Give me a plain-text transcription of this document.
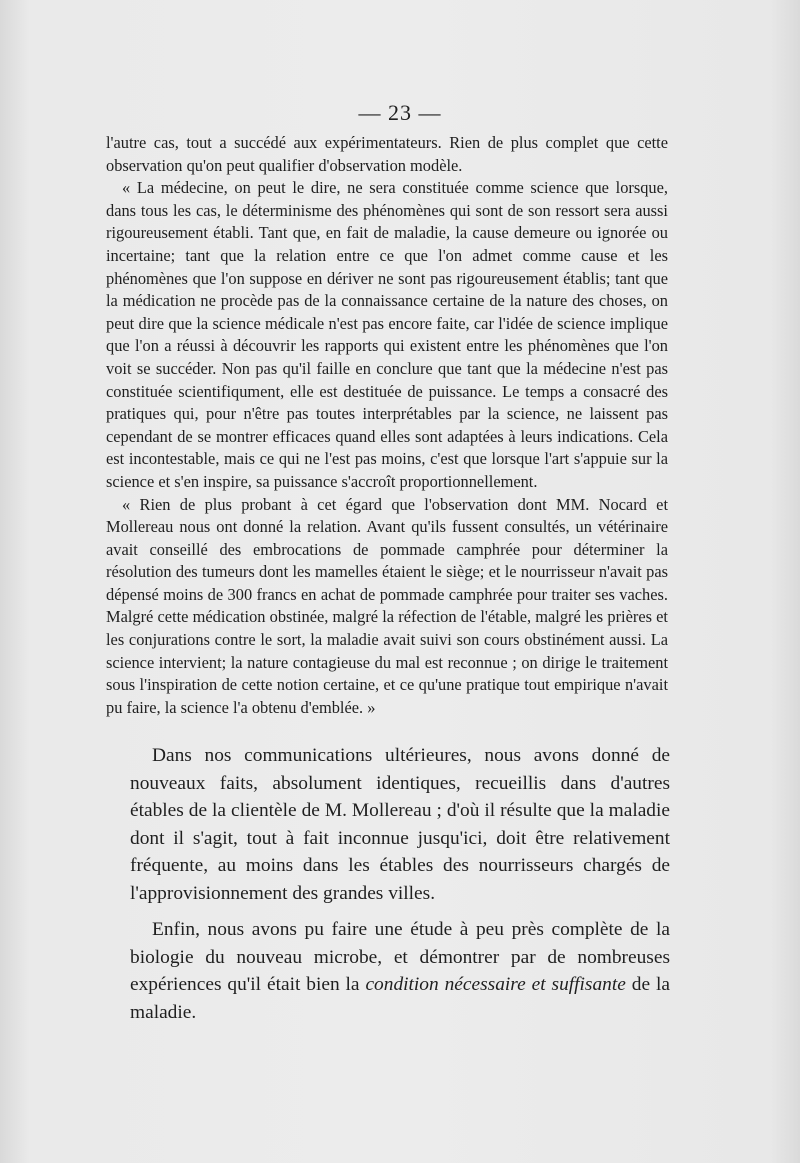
— 23 —

l'autre cas, tout a succédé aux expérimentateurs. Rien de plus complet que cette observation qu'on peut qualifier d'observation modèle.

« La médecine, on peut le dire, ne sera constituée comme science que lorsque, dans tous les cas, le déterminisme des phénomènes qui sont de son ressort sera aussi rigoureusement établi. Tant que, en fait de maladie, la cause demeure ou ignorée ou incertaine; tant que la relation entre ce que l'on admet comme cause et les phénomènes que l'on suppose en dériver ne sont pas rigoureusement établis; tant que la médication ne procède pas de la connaissance certaine de la nature des choses, on peut dire que la science médicale n'est pas encore faite, car l'idée de science implique que l'on a réussi à découvrir les rapports qui existent entre les phénomènes que l'on voit se succéder. Non pas qu'il faille en conclure que tant que la médecine n'est pas constituée scientifiqument, elle est destituée de puissance. Le temps a consacré des pratiques qui, pour n'être pas toutes interprétables par la science, ne laissent pas cependant de se montrer efficaces quand elles sont adaptées à leurs indications. Cela est incontestable, mais ce qui ne l'est pas moins, c'est que lorsque l'art s'appuie sur la science et s'en inspire, sa puissance s'accroît proportionnellement.

« Rien de plus probant à cet égard que l'observation dont MM. Nocard et Mollereau nous ont donné la relation. Avant qu'ils fussent consultés, un vétérinaire avait conseillé des embrocations de pommade camphrée pour déterminer la résolution des tumeurs dont les mamelles étaient le siège; et le nourrisseur n'avait pas dépensé moins de 300 francs en achat de pommade camphrée pour traiter ses vaches. Malgré cette médication obstinée, malgré la réfection de l'étable, malgré les prières et les conjurations contre le sort, la maladie avait suivi son cours obstinément aussi. La science intervient; la nature contagieuse du mal est reconnue ; on dirige le traitement sous l'inspiration de cette notion certaine, et ce qu'une pratique tout empirique n'avait pu faire, la science l'a obtenu d'emblée. »

Dans nos communications ultérieures, nous avons donné de nouveaux faits, absolument identiques, recueillis dans d'autres étables de la clientèle de M. Mollereau ; d'où il résulte que la maladie dont il s'agit, tout à fait inconnue jusqu'ici, doit être relativement fréquente, au moins dans les étables des nourrisseurs chargés de l'approvisionnement des grandes villes.

Enfin, nous avons pu faire une étude à peu près complète de la biologie du nouveau microbe, et démontrer par de nombreuses expériences qu'il était bien la condition nécessaire et suffisante de la maladie.
